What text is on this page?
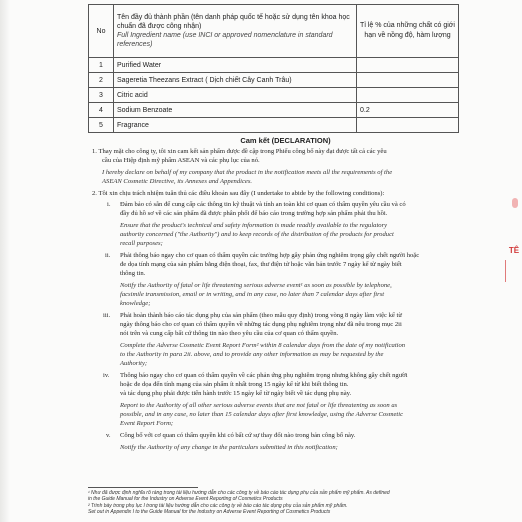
No	Tên đầy đủ thành phần (tên danh pháp quốc tế hoặc sử dụng tên khoa học chuẩn đã được công nhận)
Full Ingredient name (use INCI or approved nomenclature in standard references)	Tỉ lệ % của những chất có giới hạn về nồng độ, hàm lượng
1	Purified Water	
2	Sageretia Theezans Extract ( Dịch chiết Cây Canh Trâu)	
3	Citric acid	
4	Sodium Benzoate	0.2
5	Fragrance	
Cam kết (DECLARATION)
1. Thay mặt cho công ty, tôi xin cam kết sản phẩm được đề cập trong Phiếu công bố này đạt được tất cả các yêu
cầu của Hiệp định mỹ phẩm ASEAN và các phụ lục của nó.
I hereby declare on behalf of my company that the product in the notification meets all the requirements of the
ASEAN Cosmetic Directive, its Annexes and Appendices.
2. Tôi xin chịu trách nhiệm tuân thủ các điều khoản sau đây (I undertake to abide by the following conditions):
i. Đảm bảo có sẵn để cung cấp các thông tin kỹ thuật và tính an toàn khi cơ quan có thẩm quyền yêu cầu và có
đầy đủ hồ sơ về các sản phẩm đã được phân phối để báo cáo trong trường hợp sản phẩm phải thu hồi.
Ensure that the product's technical and safety information is made readily available to the regulatory
authority concerned ("the Authority") and to keep records of the distribution of the products for product
recall purposes;
ii. Phải thông báo ngay cho cơ quan có thẩm quyền các trường hợp gây phản ứng nghiêm trọng gây chết người hoặc
đe dọa tính mạng của sản phẩm bằng điện thoại, fax, thư điện tử hoặc văn bản trước 7 ngày kể từ ngày biết
thông tin.
Notify the Authority of fatal or life threatening serious adverse event¹ as soon as possible by telephone,
facsimile transmission, email or in writing, and in any case, no later than 7 calendar days after first
knowledge;
iii. Phải hoàn thành báo cáo tác dụng phụ của sản phẩm (theo mẫu quy định) trong vòng 8 ngày làm việc kể từ
ngày thông báo cho cơ quan có thẩm quyền về những tác dụng phụ nghiêm trọng như đã nêu trong mục 2ii
nói trên và cung cấp bất cứ thông tin nào theo yêu cầu của cơ quan có thẩm quyền.
Complete the Adverse Cosmetic Event Report Form² within 8 calendar days from the date of my notification
to the Authority in para 2ii. above, and to provide any other information as may be requested by the
Authority;
iv. Thông báo ngay cho cơ quan có thẩm quyền về các phản ứng phụ nghiêm trọng nhưng không gây chết người
hoặc đe dọa đến tính mạng của sản phẩm ít nhất trong 15 ngày kể từ khi biết thông tin.
và tác dụng phụ phải được tiến hành trước 15 ngày kể từ ngày biết về tác dụng phụ này.
Report to the Authority of all other serious adverse events that are not fatal or life threatening as soon as
possible, and in any case, no later than 15 calendar days after first knowledge, using the Adverse Cosmetic
Event Report Form;
v. Công bố với cơ quan có thẩm quyền khi có bất cứ sự thay đổi nào trong bản công bố này.
Notify the Authority of any change in the particulars submitted in this notification;
¹ Như đã được định nghĩa rõ ràng trong tài liệu hướng dẫn cho các công ty về báo cáo tác dụng phụ của sản phẩm mỹ phẩm. As defined
in the Guide Manual for the Industry on Adverse Event Reporting of Cosmetics Products
² Trình bày trong phụ lục I trong tài liệu hướng dẫn cho các công ty về báo cáo tác dụng phụ của sản phẩm mỹ phẩm.
Set out in Appendix I to the Guide Manual for the Industry on Adverse Event Reporting of Cosmetics Products
TÊ
